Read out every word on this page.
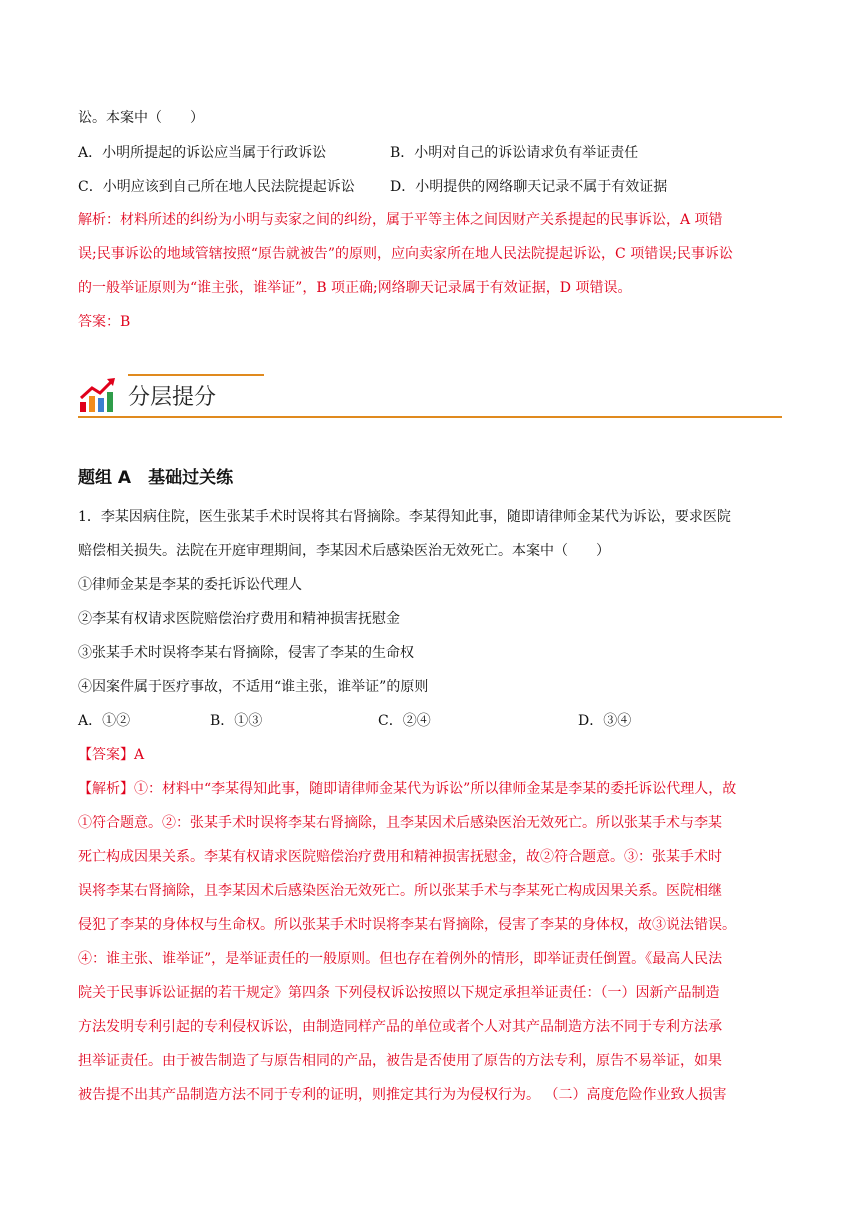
讼。本案中（　　）
A．小明所提起的诉讼应当属于行政诉讼	B．小明对自己的诉讼请求负有举证责任
C．小明应该到自己所在地人民法院提起诉讼	D．小明提供的网络聊天记录不属于有效证据
解析：材料所述的纠纷为小明与卖家之间的纠纷，属于平等主体之间因财产关系提起的民事诉讼，A 项错
误;民事诉讼的地域管辖按照“原告就被告”的原则，应向卖家所在地人民法院提起诉讼，C 项错误;民事诉讼
的一般举证原则为“谁主张，谁举证”，B 项正确;网络聊天记录属于有效证据，D 项错误。
答案：B
分层提分
题组 A　基础过关练
1．李某因病住院，医生张某手术时误将其右肾摘除。李某得知此事，随即请律师金某代为诉讼，要求医院
赔偿相关损失。法院在开庭审理期间，李某因术后感染医治无效死亡。本案中（　　）
①律师金某是李某的委托诉讼代理人
②李某有权请求医院赔偿治疗费用和精神损害抚慰金
③张某手术时误将李某右肾摘除，侵害了李某的生命权
④因案件属于医疗事故，不适用“谁主张，谁举证”的原则
A．①②	B．①③	C．②④	D．③④
【答案】A
【解析】①：材料中“李某得知此事，随即请律师金某代为诉讼”所以律师金某是李某的委托诉讼代理人，故
①符合题意。②：张某手术时误将李某右肾摘除，且李某因术后感染医治无效死亡。所以张某手术与李某
死亡构成因果关系。李某有权请求医院赔偿治疗费用和精神损害抚慰金，故②符合题意。③：张某手术时
误将李某右肾摘除，且李某因术后感染医治无效死亡。所以张某手术与李某死亡构成因果关系。医院相继
侵犯了李某的身体权与生命权。所以张某手术时误将李某右肾摘除，侵害了李某的身体权，故③说法错误。
④：谁主张、谁举证”，是举证责任的一般原则。但也存在着例外的情形，即举证责任倒置。《最高人民法
院关于民事诉讼证据的若干规定》第四条 下列侵权诉讼按照以下规定承担举证责任：（一）因新产品制造
方法发明专利引起的专利侵权诉讼，由制造同样产品的单位或者个人对其产品制造方法不同于专利方法承
担举证责任。由于被告制造了与原告相同的产品，被告是否使用了原告的方法专利，原告不易举证，如果
被告提不出其产品制造方法不同于专利的证明，则推定其行为为侵权行为。 （二）高度危险作业致人损害
